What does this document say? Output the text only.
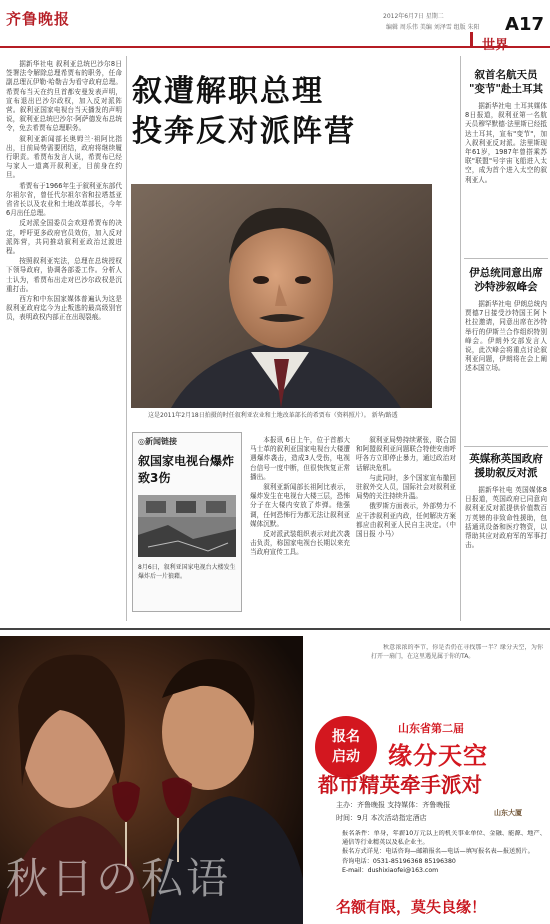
齐鲁晚报	2012年6月7日 星期二
编辑 周乐伟 美编 刘泽雪 组版 朱阳 A17
世界

据新华社电 叙利亚总统巴沙尔8日签署法令解除总理希贾布的职务，任命副总理瓦伊勒·哈勒吉为看守政府总理。希贾布当天在约旦首都安曼发表声明，宣布退出巴沙尔政权，加入反对派阵营。叙利亚国家电视台当天播发的声明说，叙利亚总统巴沙尔·阿萨德发布总统令，免去希贾布总理职务。

叙利亚新闻部长奥姆兰·祖阿比指出，目前局势需要团结，政府将继续履行职责。希贾布发言人说，希贾布已经与家人一道离开叙利亚，目前身在约旦。

希贾布于1966年生于叙利亚东部代尔祖尔省，曾任代尔祖尔省和拉塔基亚省省长以及农业和土地改革部长，今年6月出任总理。

反对派全国委员会欢迎希贾布的决定，呼吁更多政府官员效仿，加入反对派阵营，共同推动叙利亚政治过渡进程。

按照叙利亚宪法，总理在总统授权下领导政府，协调各部委工作。分析人士认为，希贾布出走对巴沙尔政权是沉重打击。

西方和中东国家媒体普遍认为这是叙利亚政府迄今为止叛逃的最高级别官员，表明政权内部正在出现裂痕。

叙遭解职总理
投奔反对派阵营
这是2011年2月18日拍摄的时任叙利亚农业和土地改革部长的希贾布（资料照片）。 新华/路透
◎新闻链接
叙国家电视台爆炸致3伤
8月6日，叙利亚国家电视台大楼发生爆炸后一片狼藉。

本报讯 6日上午，位于首都大马士革的叙利亚国家电视台大楼遭遇爆炸袭击，造成3人受伤，电视台信号一度中断，但很快恢复正常播出。

叙利亚新闻部长祖阿比表示，爆炸发生在电视台大楼三层，恐怖分子在大楼内安放了炸弹。他强调，任何恐怖行为都无法让叙利亚媒体沉默。

反对派武装组织表示对此次袭击负责，称国家电视台长期以来充当政府宣传工具。

叙利亚局势持续紧张，联合国和阿盟叙利亚问题联合特使安南呼吁各方立即停止暴力，通过政治对话解决危机。

与此同时，多个国家宣布撤回驻叙外交人员，国际社会对叙利亚局势的关注持续升温。

俄罗斯方面表示，外部势力不应干涉叙利亚内政，任何解决方案都应由叙利亚人民自主决定。（中国日报 小马）

叙首名航天员
"变节"赴土耳其

据新华社电 土耳其媒体8日报道，叙利亚第一名航天员穆罕默德·法里斯已经抵达土耳其，宣布"变节"，加入叙利亚反对派。法里斯现年61岁，1987年曾搭乘苏联"联盟"号宇宙飞船进入太空，成为首个进入太空的叙利亚人。

伊总统同意出席
沙特涉叙峰会

据新华社电 伊朗总统内贾德7日接受沙特国王阿卜杜拉邀请，同意出席在沙特举行的伊斯兰合作组织特别峰会。伊朗外交部发言人说，此次峰会将重点讨论叙利亚问题，伊朗将在会上阐述本国立场。

英媒称英国政府
援助叙反对派

据新华社电 英国媒体8日报道，英国政府已同意向叙利亚反对派提供价值数百万英镑的非致命性援助，包括通讯设备和医疗物资，以帮助其应对政府军的军事打击。

秋日の私语

秋意浓浓的季节，你是否仍在寻找那一半？缘分天空，为你打开一扇门，在这里遇见属于你的TA。

报名
启动
山东省第二届
缘分天空
都市精英牵手派对
主办：齐鲁晚报 支持媒体：齐鲁晚报
时间：9月 本次活动指定酒店
山东大厦

报名条件：单身，年薪10万元以上的机关事业单位、金融、能源、地产、通信等行业精英以及私企业主。

报名方式详见：电话咨询—邮箱报名—电话—填写报名表—报送照片。

咨询电话：0531-85196368 85196380

E-mail：dushixiaofei@163.com

名额有限，莫失良缘！
